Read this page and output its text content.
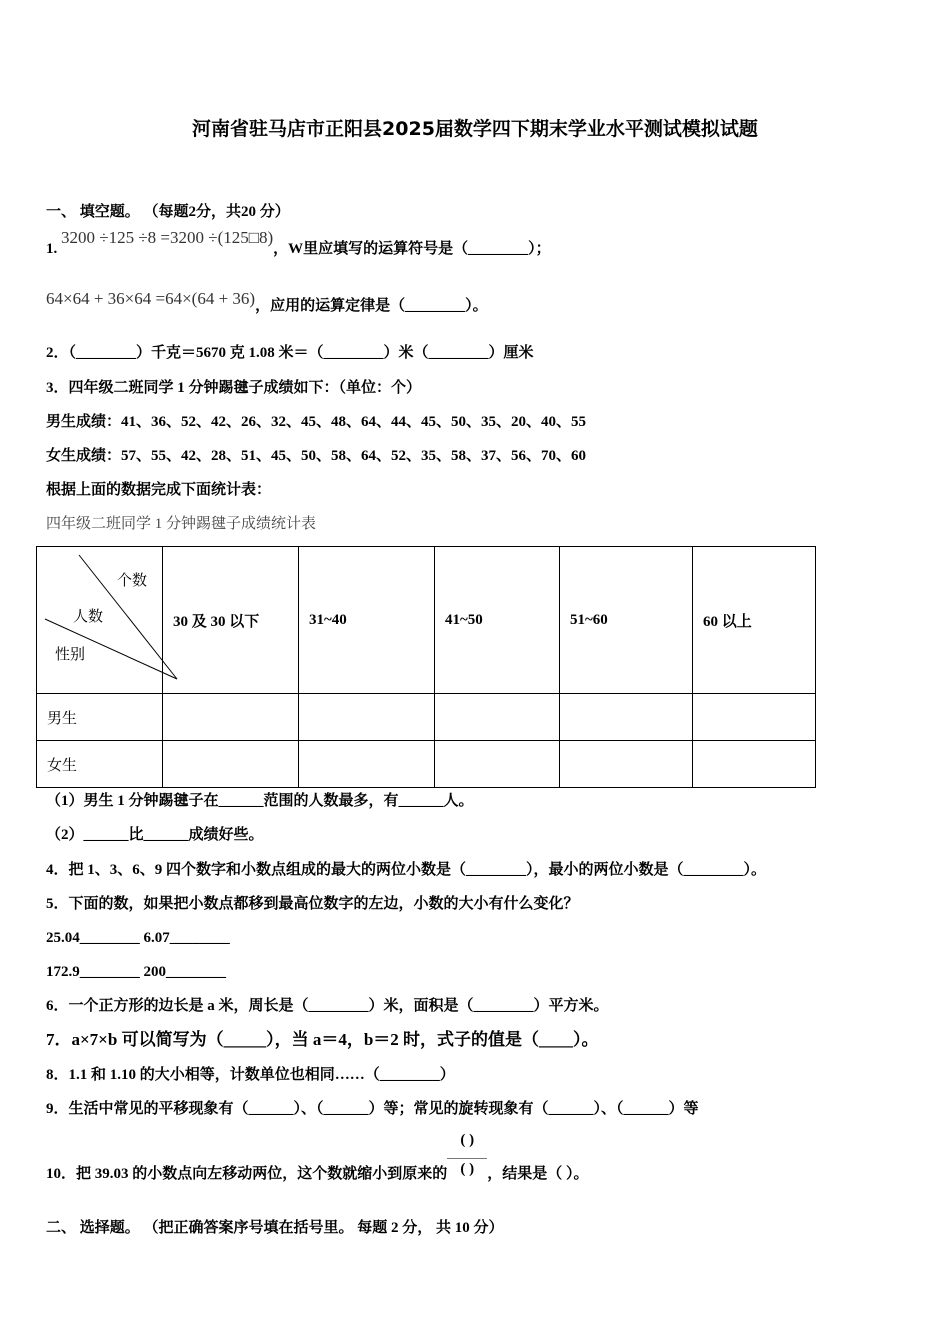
河南省驻马店市正阳县2025届数学四下期末学业水平测试模拟试题
一、 填空题。 （每题2分，共20 分）
1. 3200 ÷125 ÷8 =3200 ÷(125□8)，W里应填写的运算符号是（________）；
64×64 + 36×64 =64×(64 + 36)，应用的运算定律是（________）。
2．（________）千克＝5670 克 1.08 米＝（________）米（________）厘米
3．四年级二班同学 1 分钟踢毽子成绩如下：（单位：个）
男生成绩：41、36、52、42、26、32、45、48、64、44、45、50、35、20、40、55
女生成绩：57、55、42、28、51、45、50、58、64、52、35、58、37、56、70、60
根据上面的数据完成下面统计表：
四年级二班同学 1 分钟踢毽子成绩统计表
个数
人数
性别	30 及 30 以下	31~40	41~50	51~60	60 以上
男生					
女生					
（1）男生 1 分钟踢毽子在______范围的人数最多，有______人。
（2）______比______成绩好些。
4．把 1、3、6、9 四个数字和小数点组成的最大的两位小数是（________），最小的两位小数是（________）。
5．下面的数，如果把小数点都移到最高位数字的左边，小数的大小有什么变化？
25.04________ 6.07________
172.9________ 200________
6．一个正方形的边长是 a 米，周长是（________）米，面积是（________）平方米。
7．a×7×b 可以简写为（_____），当 a＝4，b＝2 时，式子的值是（____）。
8．1.1 和 1.10 的大小相等，计数单位也相同……（________）
9．生活中常见的平移现象有（______）、（______）等；常见的旋转现象有（______）、（______）等
10．把 39.03 的小数点向左移动两位，这个数就缩小到原来的 $\frac{( )}{( )}$ ，结果是（ ）。
二、 选择题。 （把正确答案序号填在括号里。 每题 2 分， 共 10 分）
